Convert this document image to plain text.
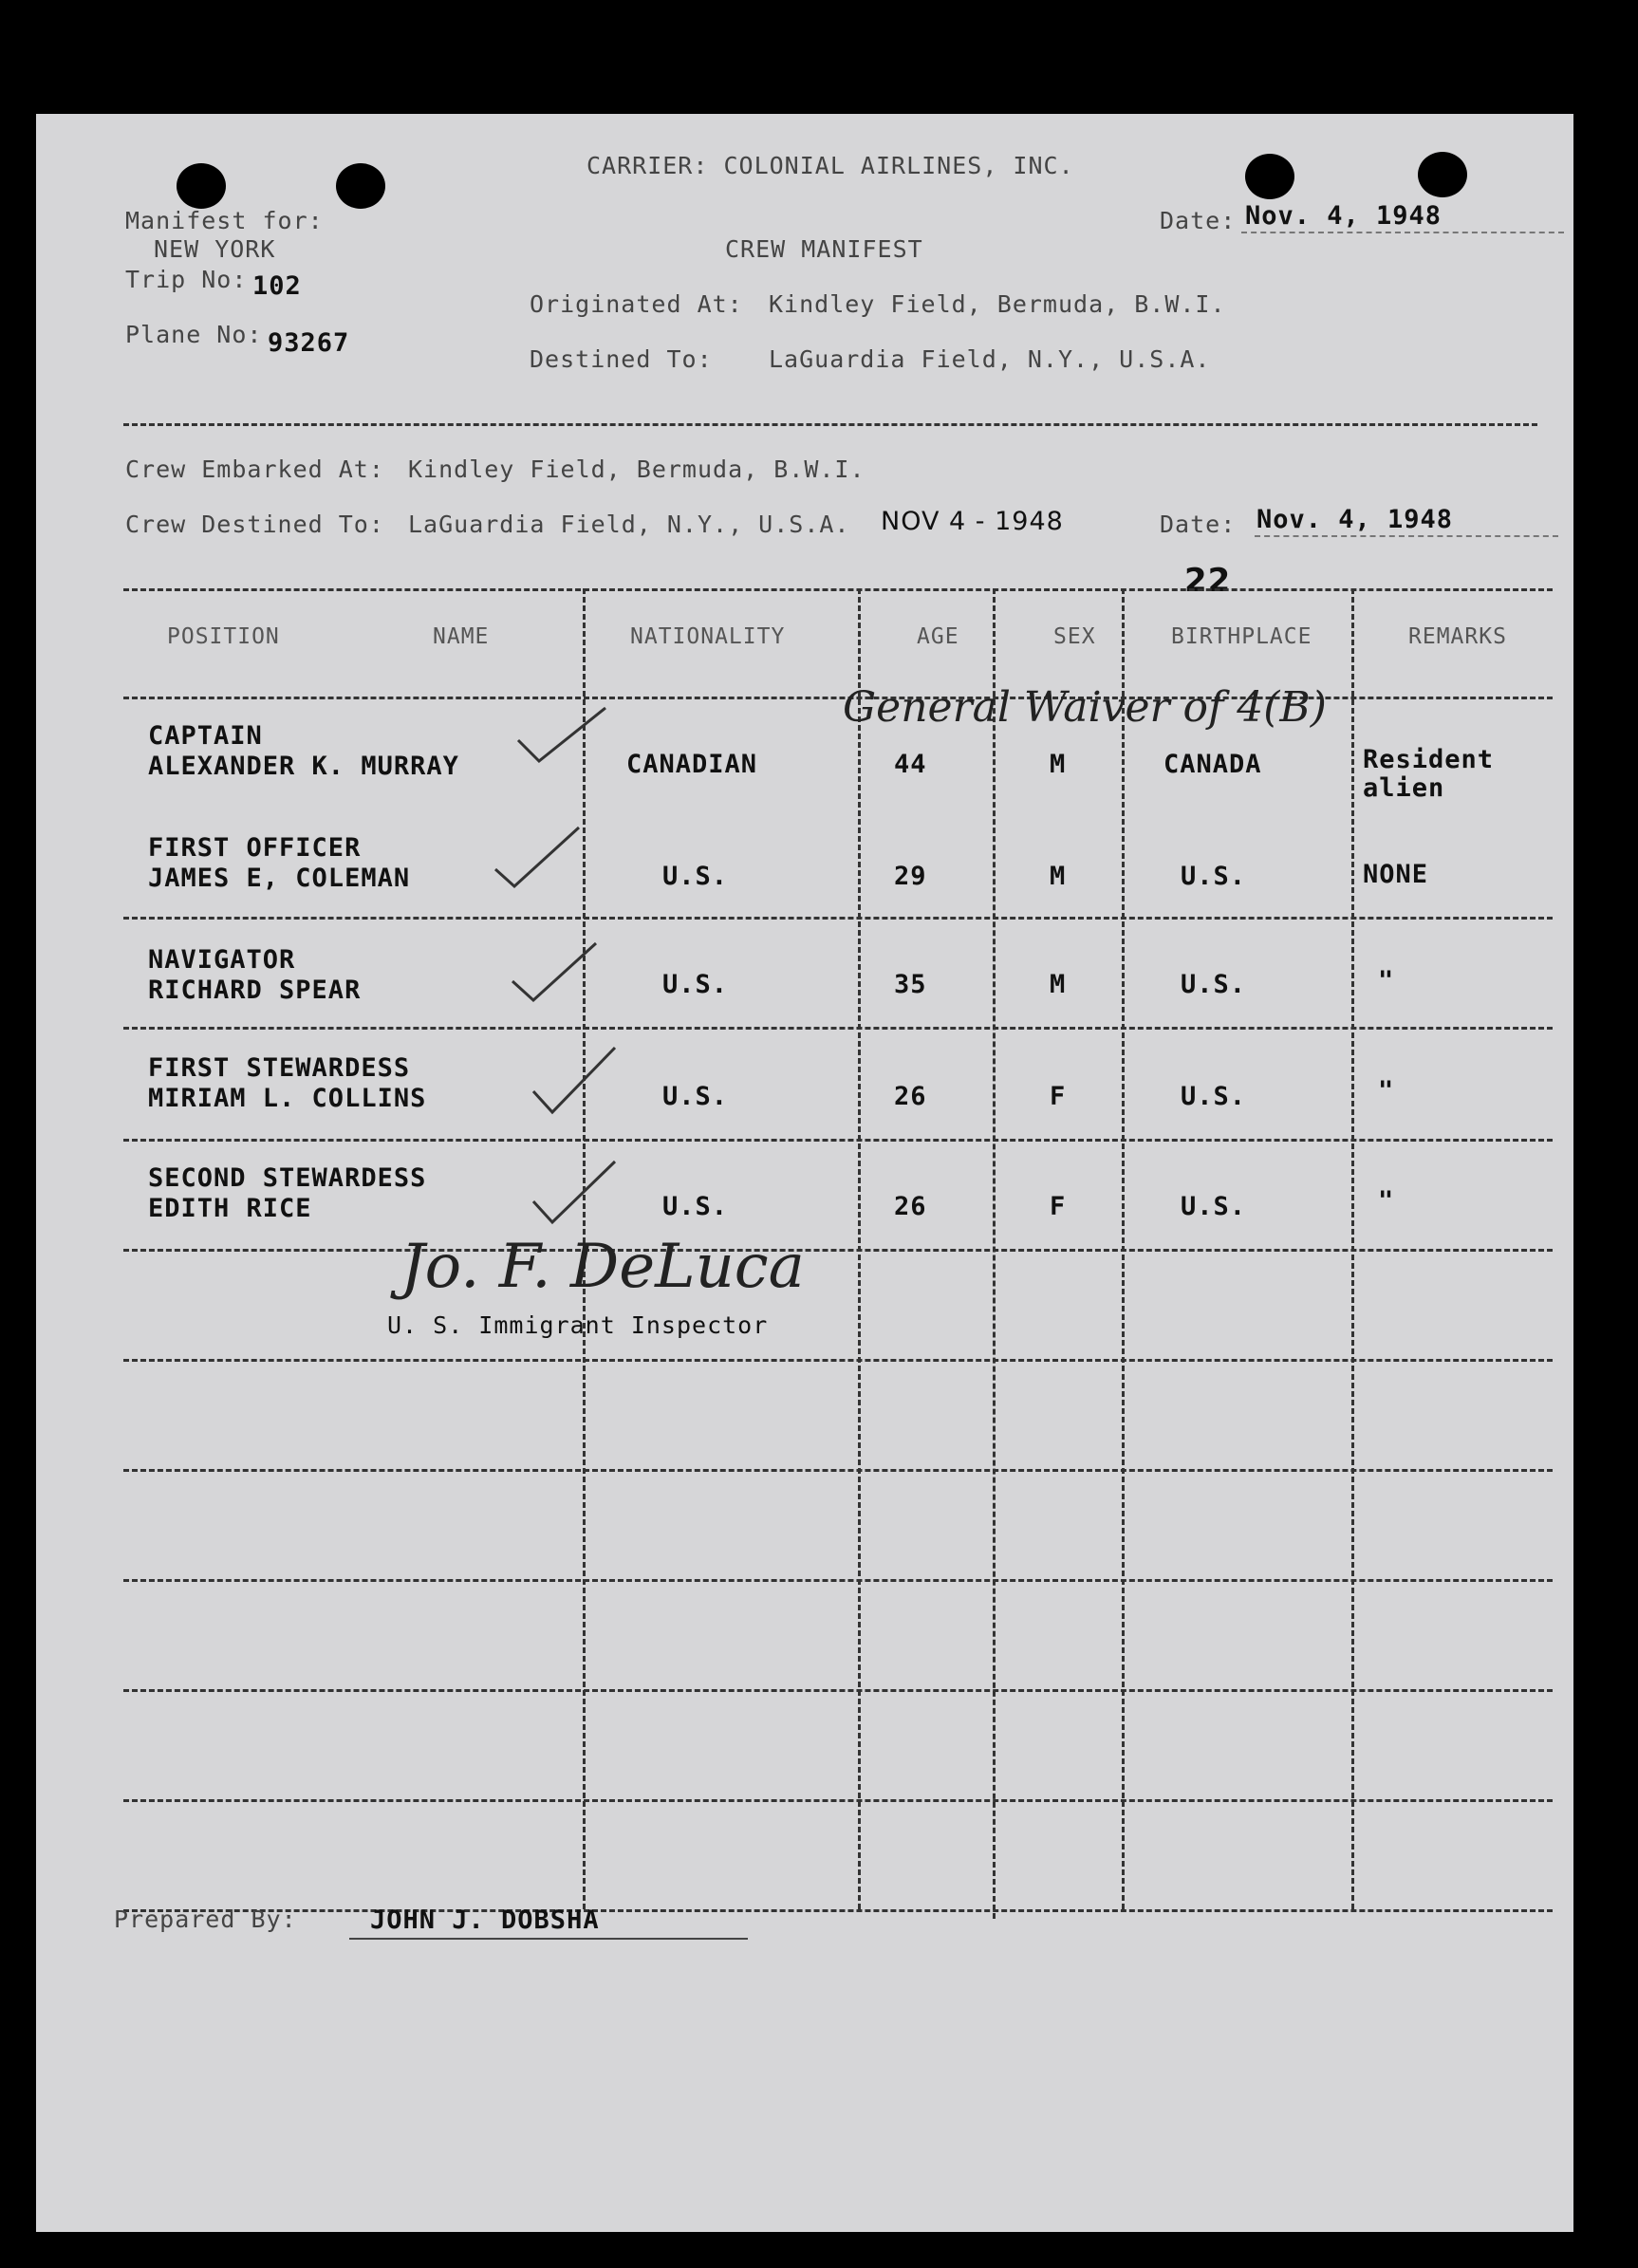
CARRIER: COLONIAL AIRLINES, INC.
Manifest for:
NEW YORK
Trip No: 102
Plane No: 93267
CREW MANIFEST
Date: Nov. 4, 1948
Originated At: Kindley Field, Bermuda, B.W.I.
Destined To: LaGuardia Field, N.Y., U.S.A.
Crew Embarked At: Kindley Field, Bermuda, B.W.I.
Crew Destined To: LaGuardia Field, N.Y., U.S.A. NOV 4 - 1948	Date: Nov. 4, 1948
22
POSITION	NAME	NATIONALITY	AGE	SEX	BIRTHPLACE	REMARKS
General Waiver of 4(B)
CAPTAIN
ALEXANDER K. MURRAY	CANADIAN	44	M	CANADA	Resident alien
FIRST OFFICER
JAMES E, COLEMAN	U.S.	29	M	U.S.	NONE
NAVIGATOR
RICHARD SPEAR	U.S.	35	M	U.S.	"
FIRST STEWARDESS
MIRIAM L. COLLINS	U.S.	26	F	U.S.	"
SECOND STEWARDESS
EDITH RICE	U.S.	26	F	U.S.	"
Jo. F. DeLuca
U. S. Immigrant Inspector
Prepared By:	JOHN J. DOBSHA
